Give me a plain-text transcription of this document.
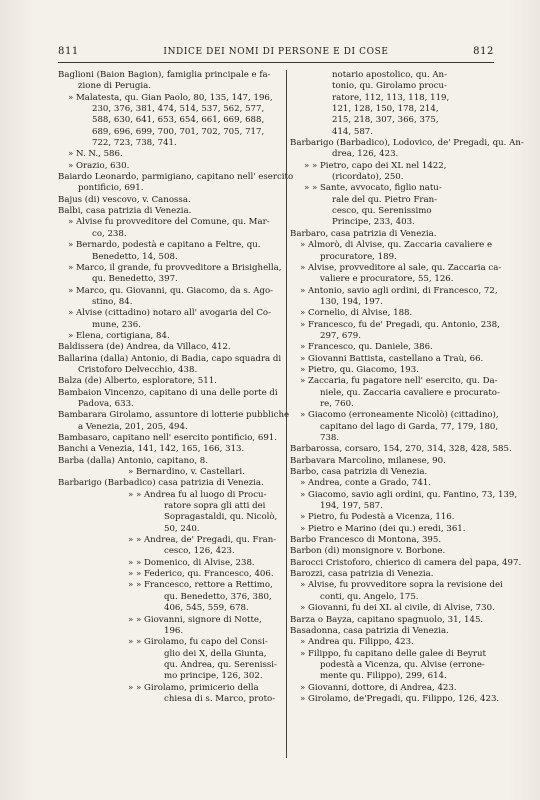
811	INDICE DEI NOMI DI PERSONE E DI COSE	812
Baglioni (Baion Bagion), famiglia principale e fa-
zione di Perugia.
» Malatesta, qu. Gian Paolo, 80, 135, 147, 196,
230, 376, 381, 474, 514, 537, 562, 577,
588, 630, 641, 653, 654, 661, 669, 688,
689, 696, 699, 700, 701, 702, 705, 717,
722, 723, 738, 741.
» N. N., 586.
» Orazio, 630.
Baiardo Leonardo, parmigiano, capitano nell' esercito
pontificio, 691.
Bajus (di) vescovo, v. Canossa.
Balbi, casa patrizia di Venezia.
» Alvise fu provveditore del Comune, qu. Mar-
co, 238.
» Bernardo, podestà e capitano a Feltre, qu.
Benedetto, 14, 508.
» Marco, il grande, fu provveditore a Brisighella,
qu. Benedetto, 397.
» Marco, qu. Giovanni, qu. Giacomo, da s. Ago-
stino, 84.
» Alvise (cittadino) notaro all' avogaria del Co-
mune, 236.
» Elena, cortigiana, 84.
Baldissera (de) Andrea, da Villaco, 412.
Ballarina (dalla) Antonio, di Badia, capo squadra di
Cristoforo Delvecchio, 438.
Balza (de) Alberto, esploratore, 511.
Bambaion Vincenzo, capitano di una delle porte di
Padova, 633.
Bambarara Girolamo, assuntore di lotterie pubbliche
a Venezia, 201, 205, 494.
Bambasaro, capitano nell' esercito pontificio, 691.
Banchi a Venezia, 141, 142, 165, 166, 313.
Barba (dalla) Antonio, capitano, 8.
» Bernardino, v. Castellari.
Barbarigo (Barbadico) casa patrizia di Venezia.
» » Andrea fu al luogo di Procu-
ratore sopra gli atti dei
Sopragastaldi, qu. Nicolò,
50, 240.
» » Andrea, de' Pregadi, qu. Fran-
cesco, 126, 423.
» » Domenico, di Alvise, 238.
» » Federico, qu. Francesco, 406.
» » Francesco, rettore a Rettimo,
qu. Benedetto, 376, 380,
406, 545, 559, 678.
» » Giovanni, signore di Notte,
196.
» » Girolamo, fu capo del Consi-
glio dei X, della Giunta,
qu. Andrea, qu. Serenissi-
mo principe, 126, 302.
» » Girolamo, primicerio della
chiesa di s. Marco, proto-
notario apostolico, qu. An-
tonio, qu. Girolamo procu-
ratore, 112, 113, 118, 119,
121, 128, 150, 178, 214,
215, 218, 307, 366, 375,
414, 587.
Barbarigo (Barbadico), Lodovico, de' Pregadi, qu. An-
drea, 126, 423.
» » Pietro, capo dei XL nel 1422,
(ricordato), 250.
» » Sante, avvocato, figlio natu-
rale del qu. Pietro Fran-
cesco, qu. Serenissimo
Principe, 233, 403.
Barbaro, casa patrizia di Venezia.
» Almorò, di Alvise, qu. Zaccaria cavaliere e
procuratore, 189.
» Alvise, provveditore al sale, qu. Zaccaria ca-
valiere e procuratore, 55, 126.
» Antonio, savio agli ordini, di Francesco, 72,
130, 194, 197.
» Cornelio, di Alvise, 188.
» Francesco, fu de' Pregadi, qu. Antonio, 238,
297, 679.
» Francesco, qu. Daniele, 386.
» Giovanni Battista, castellano a Traù, 66.
» Pietro, qu. Giacomo, 193.
» Zaccaria, fu pagatore nell' esercito, qu. Da-
niele, qu. Zaccaria cavaliere e procurato-
re, 760.
» Giacomo (erroneamente Nicolò) (cittadino),
capitano del lago di Garda, 77, 179, 180,
738.
Barbarossa, corsaro, 154, 270, 314, 328, 428, 585.
Barbavara Marcolino, milanese, 90.
Barbo, casa patrizia di Venezia.
» Andrea, conte a Grado, 741.
» Giacomo, savio agli ordini, qu. Fantino, 73, 139,
194, 197, 587.
» Pietro, fu Podestà a Vicenza, 116.
» Pietro e Marino (dei qu.) eredi, 361.
Barbo Francesco di Montona, 395.
Barbon (di) monsignore v. Borbone.
Barocci Cristoforo, chierico di camera del papa, 497.
Barozzi, casa patrizia di Venezia.
» Alvise, fu provveditore sopra la revisione dei
conti, qu. Angelo, 175.
» Giovanni, fu dei XL al civile, di Alvise, 730.
Barza o Bayza, capitano spagnuolo, 31, 145.
Basadonna, casa patrizia di Venezia.
» Andrea qu. Filippo, 423.
» Filippo, fu capitano delle galee di Beyrut
podestà a Vicenza, qu. Alvise (errone-
mente qu. Filippo), 299, 614.
» Giovanni, dottore, di Andrea, 423.
» Girolamo, de'Pregadi, qu. Filippo, 126, 423.
